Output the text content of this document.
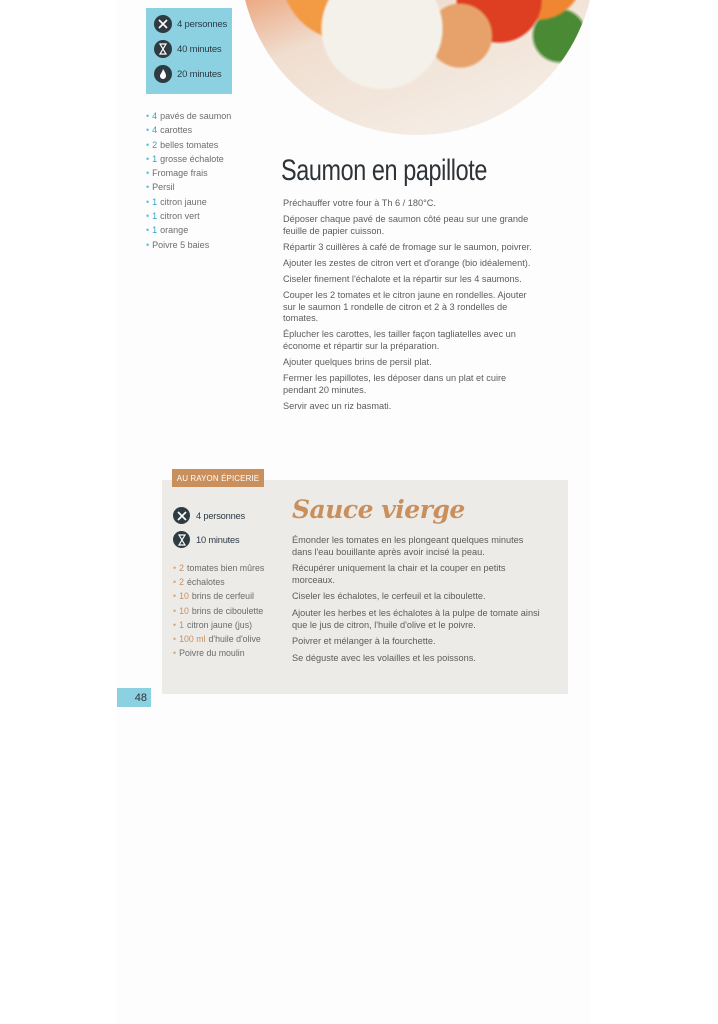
4 personnes
40 minutes
20 minutes
• 4 pavés de saumon
• 4 carottes
• 2 belles tomates
• 1 grosse échalote
• Fromage frais
• Persil
• 1 citron jaune
• 1 citron vert
• 1 orange
• Poivre 5 baies
Saumon en papillote

Préchauffer votre four à Th 6 / 180°C.

Déposer chaque pavé de saumon côté peau sur une grande feuille de papier cuisson.

Répartir 3 cuillères à café de fromage sur le saumon, poivrer.

Ajouter les zestes de citron vert et d'orange (bio idéalement).

Ciseler finement l'échalote et la répartir sur les 4 saumons.

Couper les 2 tomates et le citron jaune en rondelles. Ajouter sur le saumon 1 rondelle de citron et 2 à 3 rondelles de tomates.

Éplucher les carottes, les tailler façon tagliatelles avec un économe et répartir sur la préparation.

Ajouter quelques brins de persil plat.

Fermer les papillotes, les déposer dans un plat et cuire pendant 20 minutes.

Servir avec un riz basmati.

AU RAYON ÉPICERIE
4 personnes
10 minutes
• 2 tomates bien mûres
• 2 échalotes
• 10 brins de cerfeuil
• 10 brins de ciboulette
• 1 citron jaune (jus)
• 100 ml d'huile d'olive
• Poivre du moulin
Sauce vierge

Émonder les tomates en les plongeant quelques minutes dans l'eau bouillante après avoir incisé la peau.

Récupérer uniquement la chair et la couper en petits morceaux.

Ciseler les échalotes, le cerfeuil et la ciboulette.

Ajouter les herbes et les échalotes à la pulpe de tomate ainsi que le jus de citron, l'huile d'olive et le poivre.

Poivrer et mélanger à la fourchette.

Se déguste avec les volailles et les poissons.

48
